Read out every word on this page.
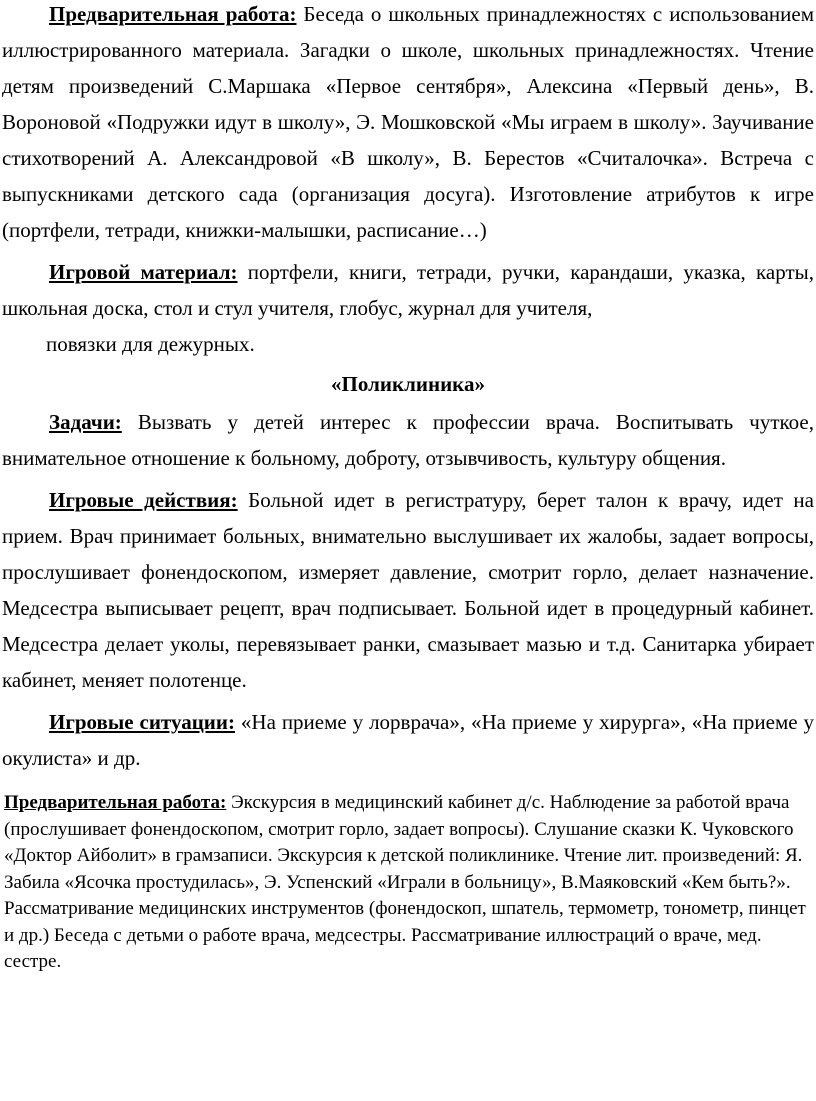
Предварительная работа: Беседа о школьных принадлежностях с использованием иллюстрированного материала. Загадки о школе, школьных принадлежностях. Чтение детям произведений С.Маршака «Первое сентября», Алексина «Первый день», В. Вороновой «Подружки идут в школу», Э. Мошковской «Мы играем в школу». Заучивание стихотворений А. Александровой «В школу», В. Берестов «Считалочка». Встреча с выпускниками детского сада (организация досуга). Изготовление атрибутов к игре (портфели, тетради, книжки-малышки, расписание…)

Игровой материал: портфели, книги, тетради, ручки, карандаши, указка, карты, школьная доска, стол и стул учителя, глобус, журнал для учителя,

повязки для дежурных.

«Поликлиника»

Задачи: Вызвать у детей интерес к профессии врача. Воспитывать чуткое, внимательное отношение к больному, доброту, отзывчивость, культуру общения.

Игровые действия: Больной идет в регистратуру, берет талон к врачу, идет на прием. Врач принимает больных, внимательно выслушивает их жалобы, задает вопросы, прослушивает фонендоскопом, измеряет давление, смотрит горло, делает назначение. Медсестра выписывает рецепт, врач подписывает. Больной идет в процедурный кабинет. Медсестра делает уколы, перевязывает ранки, смазывает мазью и т.д. Санитарка убирает кабинет, меняет полотенце.

Игровые ситуации: «На приеме у лорврача», «На приеме у хирурга», «На приеме у окулиста» и др.

Предварительная работа: Экскурсия в медицинский кабинет д/с. Наблюдение за работой врача (прослушивает фонендоскопом, смотрит горло, задает вопросы). Слушание сказки К. Чуковского «Доктор Айболит» в грамзаписи. Экскурсия к детской поликлинике. Чтение лит. произведений: Я. Забила «Ясочка простудилась», Э. Успенский «Играли в больницу», В.Маяковский «Кем быть?». Рассматривание медицинских инструментов (фонендоскоп, шпатель, термометр, тонометр, пинцет и др.) Беседа с детьми о работе врача, медсестры. Рассматривание иллюстраций о враче, мед. сестре.
